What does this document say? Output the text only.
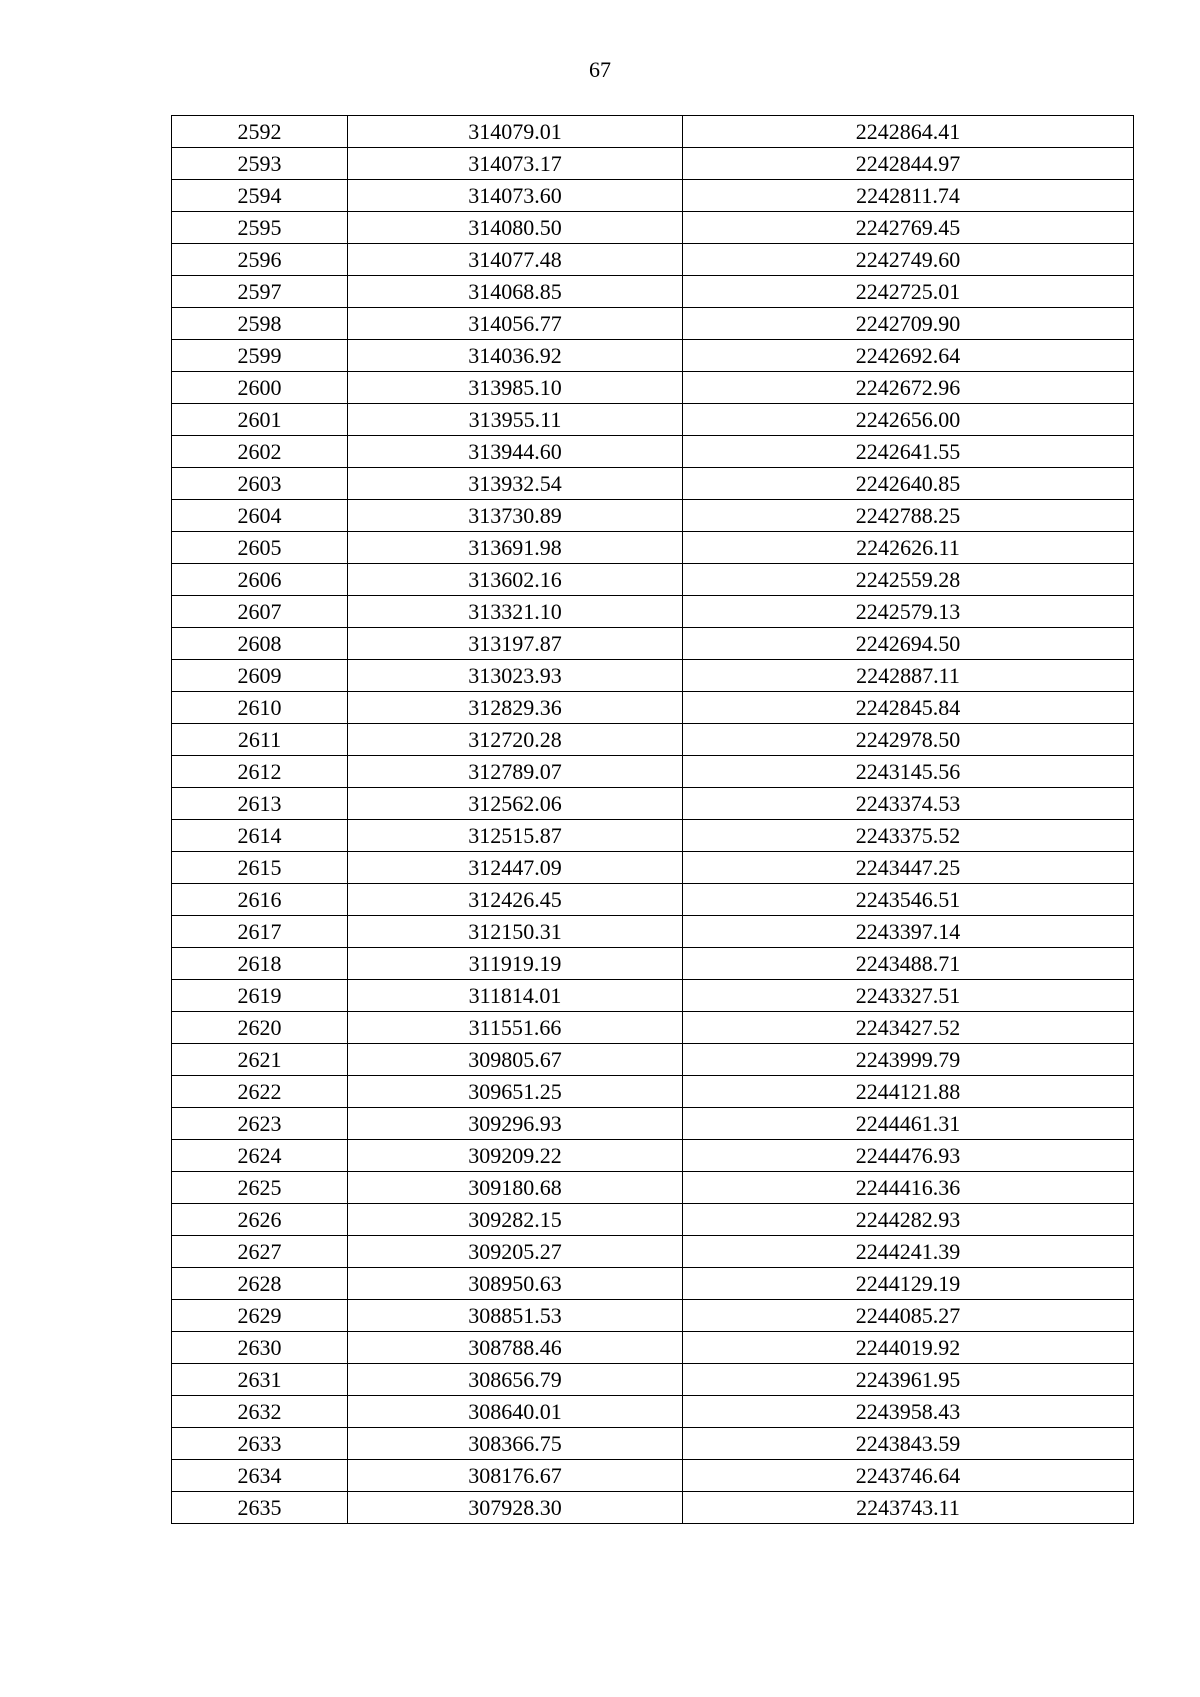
67
2592	314079.01	2242864.41
2593	314073.17	2242844.97
2594	314073.60	2242811.74
2595	314080.50	2242769.45
2596	314077.48	2242749.60
2597	314068.85	2242725.01
2598	314056.77	2242709.90
2599	314036.92	2242692.64
2600	313985.10	2242672.96
2601	313955.11	2242656.00
2602	313944.60	2242641.55
2603	313932.54	2242640.85
2604	313730.89	2242788.25
2605	313691.98	2242626.11
2606	313602.16	2242559.28
2607	313321.10	2242579.13
2608	313197.87	2242694.50
2609	313023.93	2242887.11
2610	312829.36	2242845.84
2611	312720.28	2242978.50
2612	312789.07	2243145.56
2613	312562.06	2243374.53
2614	312515.87	2243375.52
2615	312447.09	2243447.25
2616	312426.45	2243546.51
2617	312150.31	2243397.14
2618	311919.19	2243488.71
2619	311814.01	2243327.51
2620	311551.66	2243427.52
2621	309805.67	2243999.79
2622	309651.25	2244121.88
2623	309296.93	2244461.31
2624	309209.22	2244476.93
2625	309180.68	2244416.36
2626	309282.15	2244282.93
2627	309205.27	2244241.39
2628	308950.63	2244129.19
2629	308851.53	2244085.27
2630	308788.46	2244019.92
2631	308656.79	2243961.95
2632	308640.01	2243958.43
2633	308366.75	2243843.59
2634	308176.67	2243746.64
2635	307928.30	2243743.11
